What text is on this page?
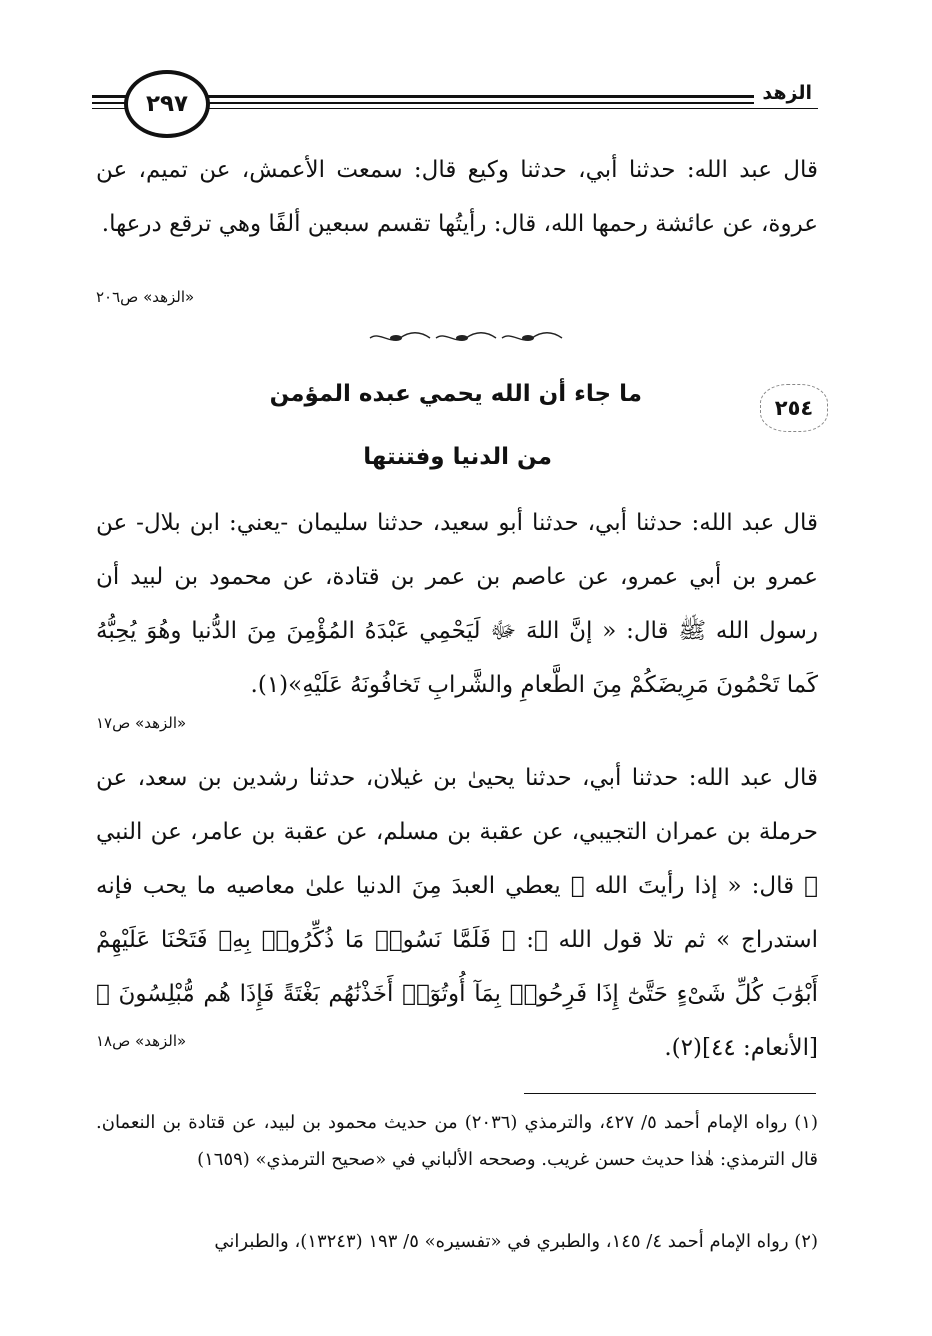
الزهد
٢٩٧
قال عبد الله: حدثنا أبي، حدثنا وكيع قال: سمعت الأعمش، عن تميم، عن عروة، عن عائشة رحمها الله، قال: رأيتُها تقسم سبعين ألفًا وهي ترقع درعها.
«الزهد» ص٢٠٦
٢٥٤
ما جاء أن الله يحمي عبده المؤمن
من الدنيا وفتنتها
قال عبد الله: حدثنا أبي، حدثنا أبو سعيد، حدثنا سليمان -يعني: ابن بلال- عن عمرو بن أبي عمرو، عن عاصم بن عمر بن قتادة، عن محمود بن لبيد أن رسول الله ﷺ قال: « إنَّ اللهَ ﷻ لَيَحْمِي عَبْدَهُ المُؤْمِنَ مِنَ الدُّنيا وهُوَ يُحِبُّهُ كَما تَحْمُونَ مَرِيضَكُمْ مِنَ الطَّعامِ والشَّرابِ تَخافُونَهُ عَلَيْهِ»(١).
«الزهد» ص١٧
قال عبد الله: حدثنا أبي، حدثنا يحيىٰ بن غيلان، حدثنا رشدين بن سعد، عن حرملة بن عمران التجيبي، عن عقبة بن مسلم، عن عقبة بن عامر، عن النبي ﷺ قال: « إذا رأيتَ الله ﷻ يعطي العبدَ مِنَ الدنيا علىٰ معاصيه ما يحب فإنه استدراج » ثم تلا قول الله ﷻ: ﴿ فَلَمَّا نَسُوا۟ مَا ذُكِّرُوا۟ بِهِۦ فَتَحْنَا عَلَيْهِمْ أَبْوَٰبَ كُلِّ شَىْءٍ حَتَّىٰٓ إِذَا فَرِحُوا۟ بِمَآ أُوتُوٓا۟ أَخَذْنَٰهُم بَغْتَةً فَإِذَا هُم مُّبْلِسُونَ ﴾ [الأنعام: ٤٤](٢).
«الزهد» ص١٨
(١) رواه الإمام أحمد ٥/ ٤٢٧، والترمذي (٢٠٣٦) من حديث محمود بن لبيد، عن قتادة بن النعمان. قال الترمذي: هٰذا حديث حسن غريب. وصححه الألباني في «صحيح الترمذي» (١٦٥٩)
(٢) رواه الإمام أحمد ٤/ ١٤٥، والطبري في «تفسيره» ٥/ ١٩٣ (١٣٢٤٣)، والطبراني
